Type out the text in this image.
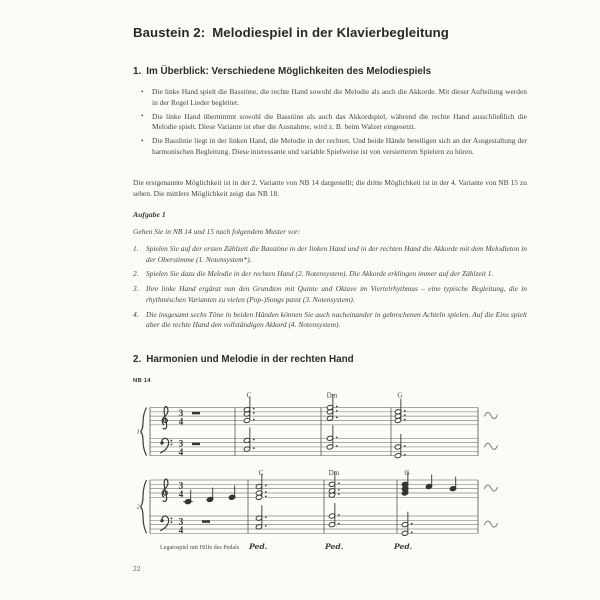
Baustein 2: Melodiespiel in der Klavierbegleitung
1. Im Überblick: Verschiedene Möglichkeiten des Melodiespiels
• Die linke Hand spielt die Basstöne, die rechte Hand sowohl die Melodie als auch die Akkorde. Mit dieser Aufteilung werden in der Regel Lieder begleitet.
• Die linke Hand übernimmt sowohl die Basstöne als auch das Akkordspiel, während die rechte Hand ausschließlich die Melodie spielt. Diese Variante ist eher die Ausnahme, wird z. B. beim Walzer eingesetzt.
• Die Basslinie liegt in der linken Hand, die Melodie in der rechten. Und beide Hände beteiligen sich an der Ausgestaltung der harmonischen Begleitung. Diese interessante und variable Spielweise ist von versierteren Spielern zu hören.
Die erstgenannte Möglichkeit ist in der 2. Variante von NB 14 dargestellt; die dritte Möglichkeit ist in der 4. Variante von NB 15 zu sehen. Die mittlere Möglichkeit zeigt das NB 18.
Aufgabe 1
Gehen Sie in NB 14 und 15 nach folgendem Muster vor:
Spielen Sie auf der ersten Zählzeit die Basstöne in der linken Hand und in der rechten Hand die Akkorde mit dem Melodieton in der Oberstimme (1. Notensystem*).
Spielen Sie dazu die Melodie in der rechten Hand (2. Notensystem). Die Akkorde erklingen immer auf der Zählzeit 1.
Ihre linke Hand ergänzt nun den Grundton mit Quinte und Oktave im Viertelrhythmus – eine typische Begleitung, die in rhythmischen Varianten zu vielen (Pop-)Songs passt (3. Notensystem).
Die insgesamt sechs Töne in beiden Händen können Sie auch nacheinander in gebrochenen Achteln spielen. Auf die Eins spielt aber die rechte Hand den vollständigen Akkord (4. Notensystem).
2. Harmonien und Melodie in der rechten Hand
NB 14
1.
3
4
3
4
C	Dm	G
2.
3
4
3
4
C	Dm	G
Legatospiel mit Hilfe des Pedals Ped.	Ped.	Ped.
22
